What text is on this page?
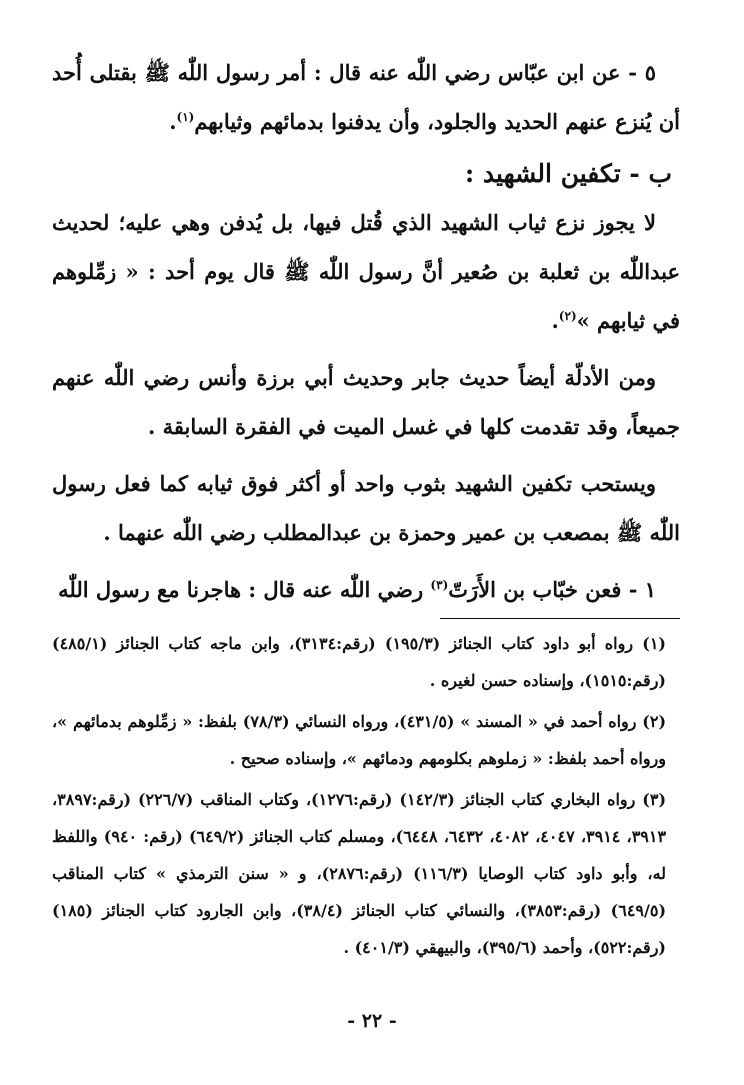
٥ - عن ابن عبّاس رضي اللّٰه عنه قال : أمر رسول اللّٰه ﷺ بقتلى أُحد أن يُنزع عنهم الحديد والجلود، وأن يدفنوا بدمائهم وثيابهم$^{(١)}$.

ب - تكفين الشهيد :

لا يجوز نزع ثياب الشهيد الذي قُتل فيها، بل يُدفن وهي عليه؛ لحديث عبداللّٰه بن ثعلبة بن صُعير أنَّ رسول اللّٰه ﷺ قال يوم أحد : « زمِّلوهم في ثيابهم »$^{(٢)}$.

ومن الأدلّة أيضاً حديث جابر وحديث أبي برزة وأنس رضي اللّٰه عنهم جميعاً، وقد تقدمت كلها في غسل الميت في الفقرة السابقة .

ويستحب تكفين الشهيد بثوب واحد أو أكثر فوق ثيابه كما فعل رسول اللّٰه ﷺ بمصعب بن عمير وحمزة بن عبدالمطلب رضي اللّٰه عنهما .

١ - فعن خبّاب بن الأَرَتّ$^{(٣)}$ رضي اللّٰه عنه قال : هاجرنا مع رسول اللّٰه

(١) رواه أبو داود كتاب الجنائز (١٩٥/٣) (رقم:٣١٣٤)، وابن ماجه كتاب الجنائز (٤٨٥/١) (رقم:١٥١٥)، وإسناده حسن لغيره .

(٢) رواه أحمد في « المسند » (٤٣١/٥)، ورواه النسائي (٧٨/٣) بلفظ: « زمِّلوهم بدمائهم »، ورواه أحمد بلفظ: « زملوهم بكلومهم ودمائهم »، وإسناده صحيح .

(٣) رواه البخاري كتاب الجنائز (١٤٢/٣) (رقم:١٢٧٦)، وكتاب المناقب (٢٢٦/٧) (رقم:٣٨٩٧، ٣٩١٣، ٣٩١٤، ٤٠٤٧، ٤٠٨٢، ٦٤٣٢، ٦٤٤٨)، ومسلم كتاب الجنائز (٦٤٩/٢) (رقم: ٩٤٠) واللفظ له، وأبو داود كتاب الوصايا (١١٦/٣) (رقم:٢٨٧٦)، و « سنن الترمذي » كتاب المناقب (٦٤٩/٥) (رقم:٣٨٥٣)، والنسائي كتاب الجنائز (٣٨/٤)، وابن الجارود كتاب الجنائز (١٨٥) (رقم:٥٢٢)، وأحمد (٣٩٥/٦)، والبيهقي (٤٠١/٣) .

- ٢٢ -
